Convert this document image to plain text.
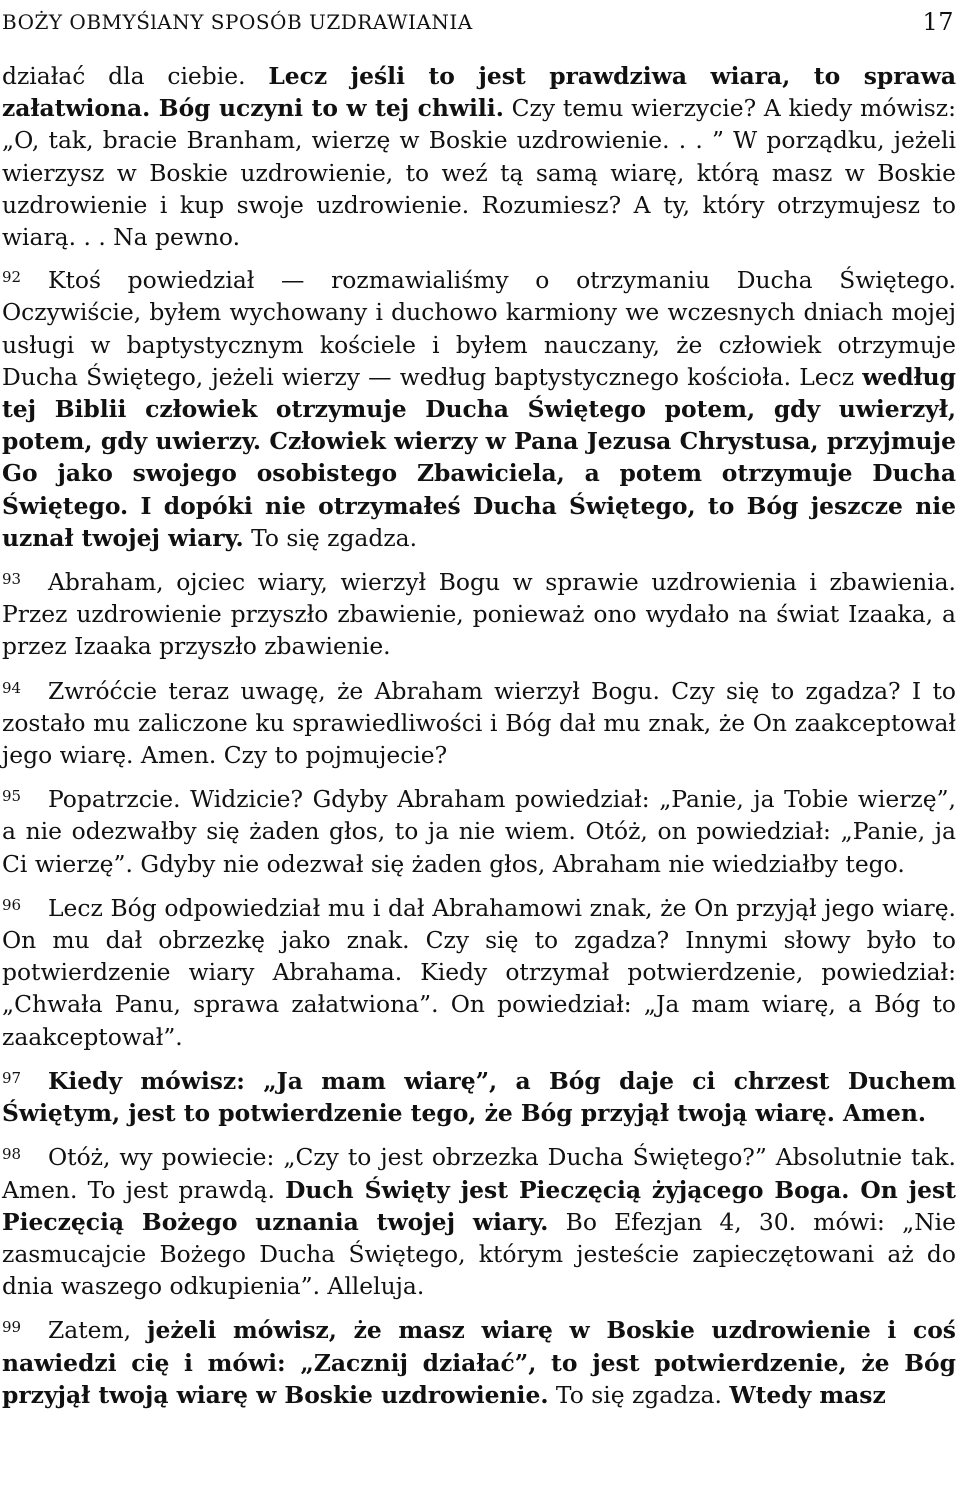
BOŻY OBMYŚlANY SPOSÓB UZDRAWIANIA	17

działać dla ciebie. Lecz jeśli to jest prawdziwa wiara, to sprawa załatwiona. Bóg uczyni to w tej chwili. Czy temu wierzycie? A kiedy mówisz: „O, tak, bracie Branham, wierzę w Boskie uzdrowienie. . . ” W porządku, jeżeli wierzysz w Boskie uzdrowienie, to weź tą samą wiarę, którą masz w Boskie uzdrowienie i kup swoje uzdrowienie. Rozumiesz? A ty, który otrzymujesz to wiarą. . . Na pewno.

92 Ktoś powiedział — rozmawialiśmy o otrzymaniu Ducha Świętego. Oczywiście, byłem wychowany i duchowo karmiony we wczesnych dniach mojej usługi w baptystycznym kościele i byłem nauczany, że człowiek otrzymuje Ducha Świętego, jeżeli wierzy — według baptystycznego kościoła. Lecz według tej Biblii człowiek otrzymuje Ducha Świętego potem, gdy uwierzył, potem, gdy uwierzy. Człowiek wierzy w Pana Jezusa Chrystusa, przyjmuje Go jako swojego osobistego Zbawiciela, a potem otrzymuje Ducha Świętego. I dopóki nie otrzymałeś Ducha Świętego, to Bóg jeszcze nie uznał twojej wiary. To się zgadza.

93 Abraham, ojciec wiary, wierzył Bogu w sprawie uzdrowienia i zbawienia. Przez uzdrowienie przyszło zbawienie, ponieważ ono wydało na świat Izaaka, a przez Izaaka przyszło zbawienie.

94 Zwróćcie teraz uwagę, że Abraham wierzył Bogu. Czy się to zgadza? I to zostało mu zaliczone ku sprawiedliwości i Bóg dał mu znak, że On zaakceptował jego wiarę. Amen. Czy to pojmujecie?

95 Popatrzcie. Widzicie? Gdyby Abraham powiedział: „Panie, ja Tobie wierzę”, a nie odezwałby się żaden głos, to ja nie wiem. Otóż, on powiedział: „Panie, ja Ci wierzę”. Gdyby nie odezwał się żaden głos, Abraham nie wiedziałby tego.

96 Lecz Bóg odpowiedział mu i dał Abrahamowi znak, że On przyjął jego wiarę. On mu dał obrzezkę jako znak. Czy się to zgadza? Innymi słowy było to potwierdzenie wiary Abrahama. Kiedy otrzymał potwierdzenie, powiedział: „Chwała Panu, sprawa załatwiona”. On powiedział: „Ja mam wiarę, a Bóg to zaakceptował”.

97 Kiedy mówisz: „Ja mam wiarę”, a Bóg daje ci chrzest Duchem Świętym, jest to potwierdzenie tego, że Bóg przyjął twoją wiarę. Amen.

98 Otóż, wy powiecie: „Czy to jest obrzezka Ducha Świętego?” Absolutnie tak. Amen. To jest prawdą. Duch Święty jest Pieczęcią żyjącego Boga. On jest Pieczęcią Bożego uznania twojej wiary. Bo Efezjan 4, 30. mówi: „Nie zasmucajcie Bożego Ducha Świętego, którym jesteście zapieczętowani aż do dnia waszego odkupienia”. Alleluja.

99 Zatem, jeżeli mówisz, że masz wiarę w Boskie uzdrowienie i coś nawiedzi cię i mówi: „Zacznij działać”, to jest potwierdzenie, że Bóg przyjął twoją wiarę w Boskie uzdrowienie. To się zgadza. Wtedy masz
